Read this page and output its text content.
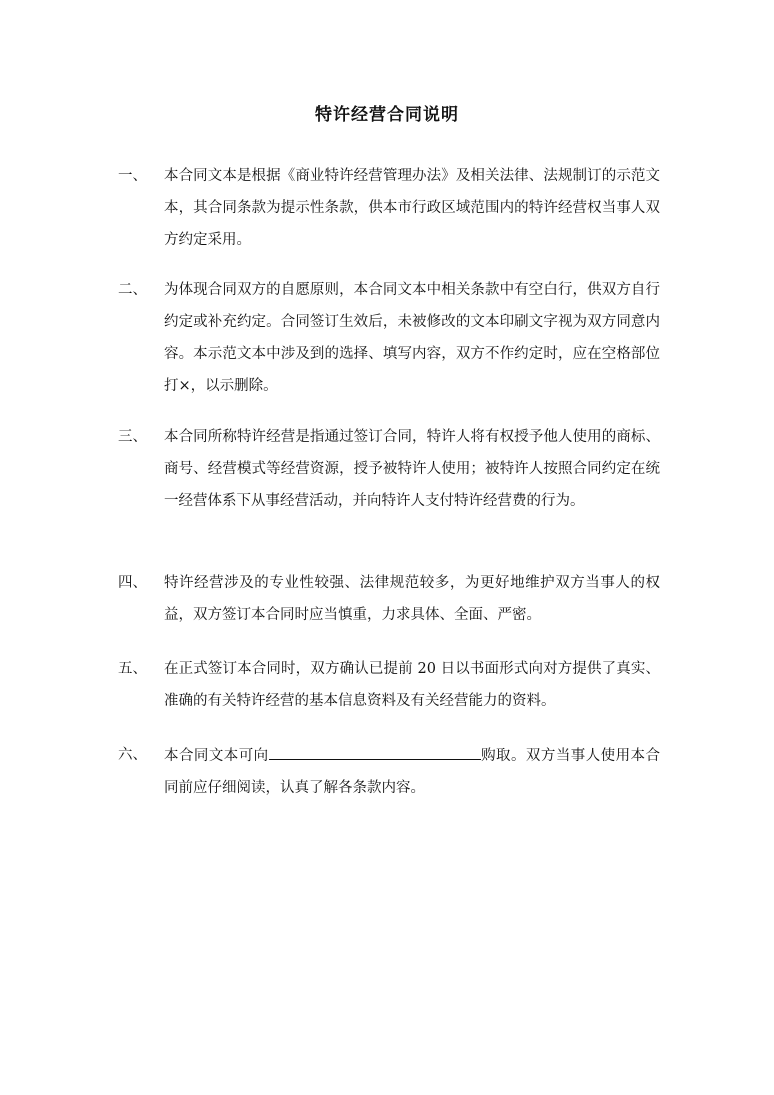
特许经营合同说明
一、 本合同文本是根据《商业特许经营管理办法》及相关法律、法规制订的示范文本，其合同条款为提示性条款，供本市行政区域范围内的特许经营权当事人双方约定采用。
二、 为体现合同双方的自愿原则，本合同文本中相关条款中有空白行，供双方自行约定或补充约定。合同签订生效后，未被修改的文本印刷文字视为双方同意内容。本示范文本中涉及到的选择、填写内容，双方不作约定时，应在空格部位打×，以示删除。
三、 本合同所称特许经营是指通过签订合同，特许人将有权授予他人使用的商标、商号、经营模式等经营资源，授予被特许人使用；被特许人按照合同约定在统一经营体系下从事经营活动，并向特许人支付特许经营费的行为。
四、 特许经营涉及的专业性较强、法律规范较多，为更好地维护双方当事人的权益，双方签订本合同时应当慎重，力求具体、全面、严密。
五、 在正式签订本合同时，双方确认已提前 20 日以书面形式向对方提供了真实、准确的有关特许经营的基本信息资料及有关经营能力的资料。
六、 本合同文本可向	购取。双方当事人使用本合同前应仔细阅读，认真了解各条款内容。
